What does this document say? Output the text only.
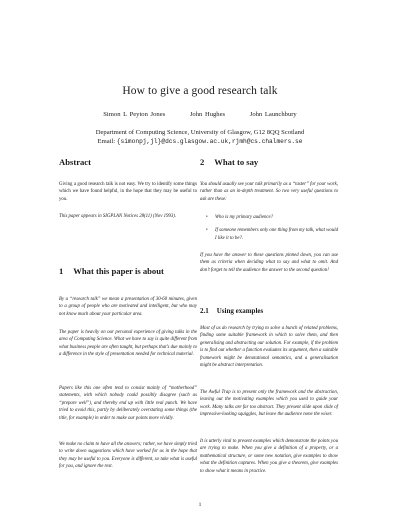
How to give a good research talk
Simon L Peyton Jones	John Hughes	John Launchbury
Department of Computing Science, University of Glasgow, G12 8QQ Scotland
Email: {simonpj,jl}@dcs.glasgow.ac.uk,rjmh@cs.chalmers.se
Abstract

Giving a good research talk is not easy. We try to identify some things which we have found helpful, in the hope that they may be useful to you.

This paper appears in SIGPLAN Notices 28(11) (Nov 1993).

1 What this paper is about

By a “research talk” we mean a presentation of 30-60 minutes, given to a group of people who are motivated and intelligent, but who may not know much about your particular area.

The paper is heavily on our personal experience of giving talks in the area of Computing Science. What we have to say is quite different from what business people are often taught, but perhaps that’s due mainly to a difference in the style of presentation needed for technical material.

Papers like this one often tend to consist mainly of “motherhood” statements, with which nobody could possibly disagree (such as “prepare well”), and thereby end up with little real punch. We have tried to avoid this, partly by deliberately overstating some things (the title, for example) in order to make our points more vividly.

We make no claim to have all the answers; rather, we have simply tried to write down suggestions which have worked for us in the hope that they may be useful to you. Everyone is different, so take what is useful for you, and ignore the rest.

2 What to say

You should usually see your talk primarily as a “taster” for your work, rather than as an in-depth treatment. So two very useful questions to ask are these:

• Who is my primary audience?
• If someone remembers only one thing from my talk, what would I like it to be?.

If you have the answer to these questions pinned down, you can use them as criteria when deciding what to say and what to omit. And don’t forget to tell the audience the answer to the second question!

2.1 Using examples

Most of us do research by trying to solve a bunch of related problems, finding some suitable framework in which to solve them, and then generalising and abstracting our solution. For example, if the problem is to find out whether a function evaluates its argument, then a suitable framework might be denotational semantics, and a generalisation might be abstract interpretation.

The Awful Trap is to present only the framework and the abstraction, leaving out the motivating examples which you used to guide your work. Many talks are far too abstract. They present slide upon slide of impressive-looking squiggles, but leave the audience none the wiser.

It is utterly vital to present examples which demonstrate the points you are trying to make. When you give a definition of a property, or a mathematical structure, or some new notation, give examples to show what the definition captures. When you give a theorem, give examples to show what it means in practice.

1
